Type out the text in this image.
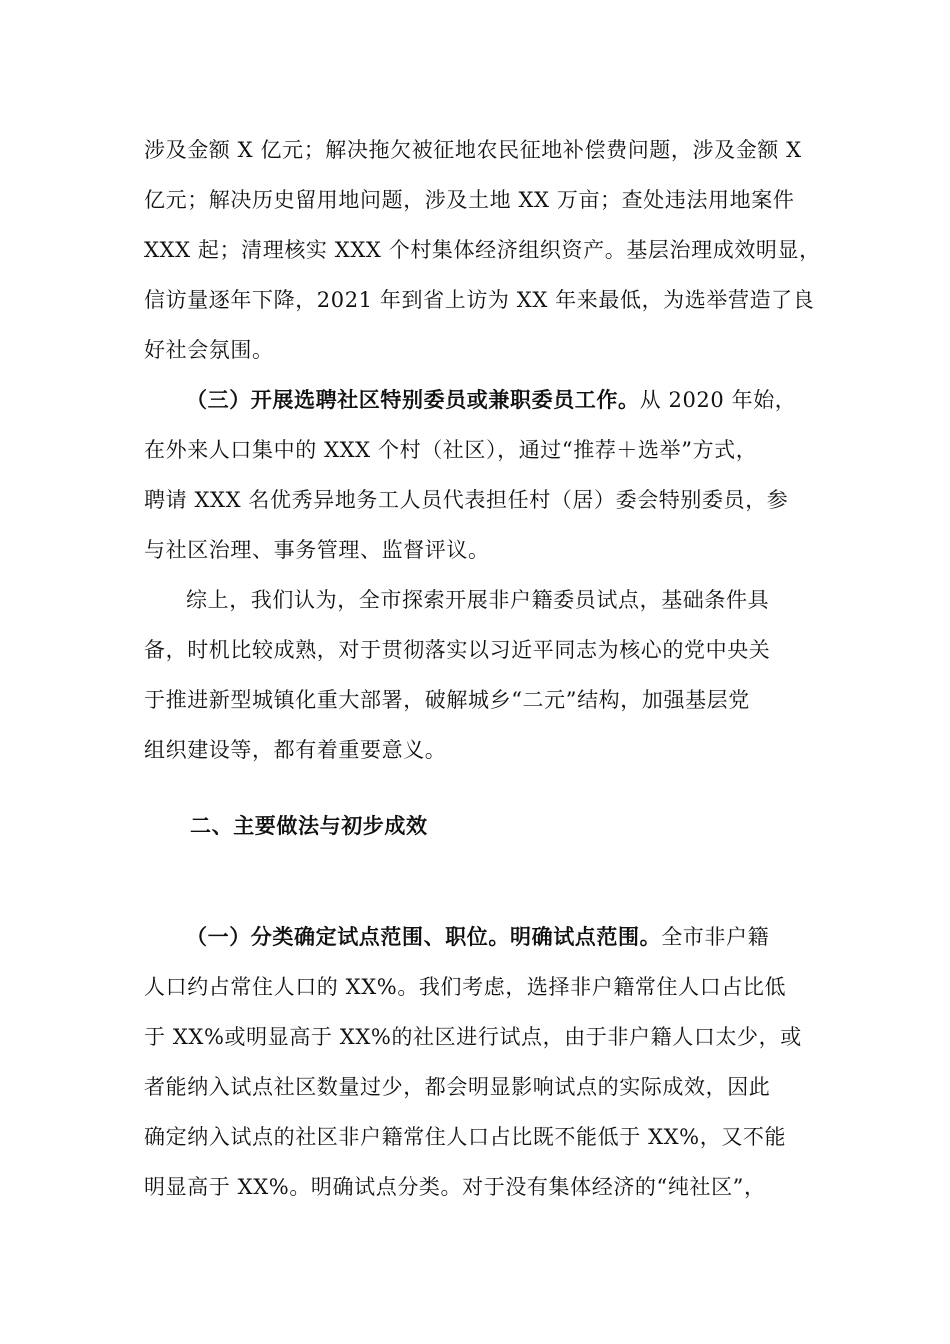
涉及金额 X 亿元；解决拖欠被征地农民征地补偿费问题，涉及金额 X
亿元；解决历史留用地问题，涉及土地 XX 万亩；查处违法用地案件
XXX 起；清理核实 XXX 个村集体经济组织资产。基层治理成效明显，
信访量逐年下降，2021 年到省上访为 XX 年来最低，为选举营造了良
好社会氛围。
（三）开展选聘社区特别委员或兼职委员工作。从 2020 年始，
在外来人口集中的 XXX 个村（社区），通过“推荐＋选举”方式，
聘请 XXX 名优秀异地务工人员代表担任村（居）委会特别委员，参
与社区治理、事务管理、监督评议。
综上，我们认为，全市探索开展非户籍委员试点，基础条件具
备，时机比较成熟，对于贯彻落实以习近平同志为核心的党中央关
于推进新型城镇化重大部署，破解城乡“二元”结构，加强基层党
组织建设等，都有着重要意义。
二、主要做法与初步成效
（一）分类确定试点范围、职位。明确试点范围。全市非户籍
人口约占常住人口的 XX%。我们考虑，选择非户籍常住人口占比低
于 XX%或明显高于 XX%的社区进行试点，由于非户籍人口太少，或
者能纳入试点社区数量过少，都会明显影响试点的实际成效，因此
确定纳入试点的社区非户籍常住人口占比既不能低于 XX%，又不能
明显高于 XX%。明确试点分类。对于没有集体经济的“纯社区”，
